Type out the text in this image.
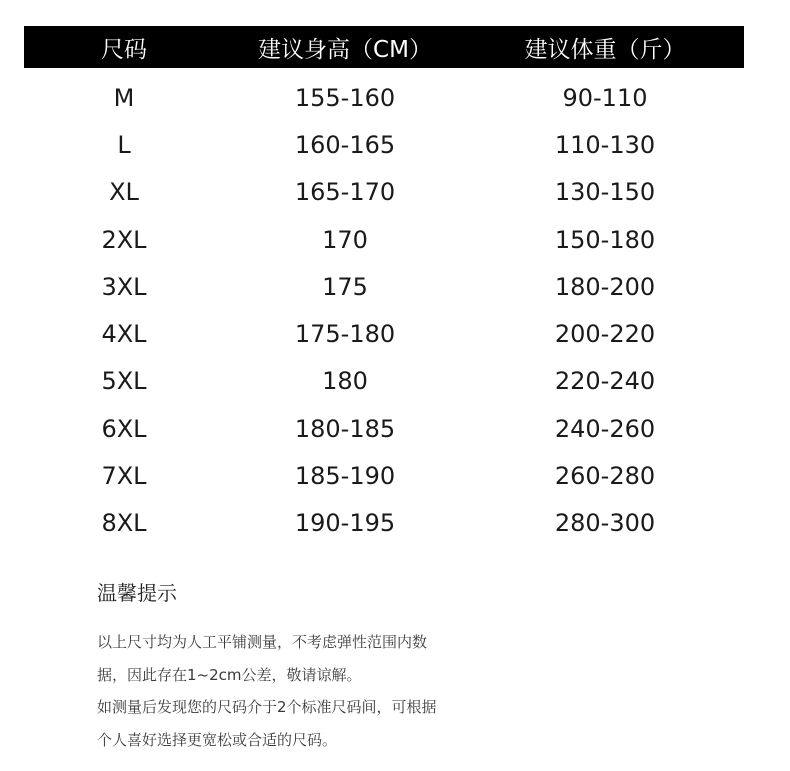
尺码	建议身高（CM）	建议体重（斤）
M	155-160	90-110
L	160-165	110-130
XL	165-170	130-150
2XL	170	150-180
3XL	175	180-200
4XL	175-180	200-220
5XL	180	220-240
6XL	180-185	240-260
7XL	185-190	260-280
8XL	190-195	280-300

温馨提示

以上尺寸均为人工平铺测量，不考虑弹性范围内数

据，因此存在1~2cm公差，敬请谅解。

如测量后发现您的尺码介于2个标准尺码间，可根据

个人喜好选择更宽松或合适的尺码。
